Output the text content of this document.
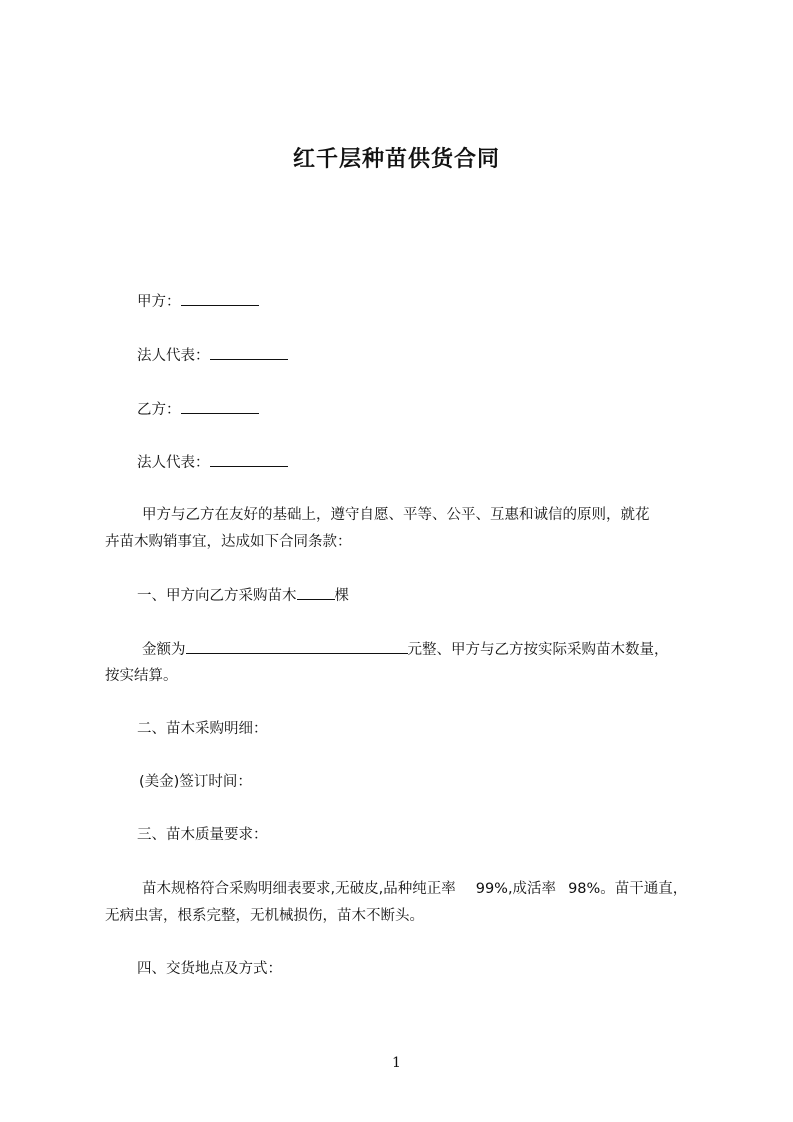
红千层种苗供货合同
甲方：
法人代表：
乙方：
法人代表：
甲方与乙方在友好的基础上，遵守自愿、平等、公平、互惠和诚信的原则，就花
卉苗木购销事宜，达成如下合同条款：
一、甲方向乙方采购苗木	棵
金额为	元整、甲方与乙方按实际采购苗木数量，
按实结算。
二、苗木采购明细：
(美金)签订时间：
三、苗木质量要求：
苗木规格符合采购明细表要求,无破皮,品种纯正率 99%,成活率 98%。苗干通直，
无病虫害，根系完整，无机械损伤，苗木不断头。
四、交货地点及方式：
1
